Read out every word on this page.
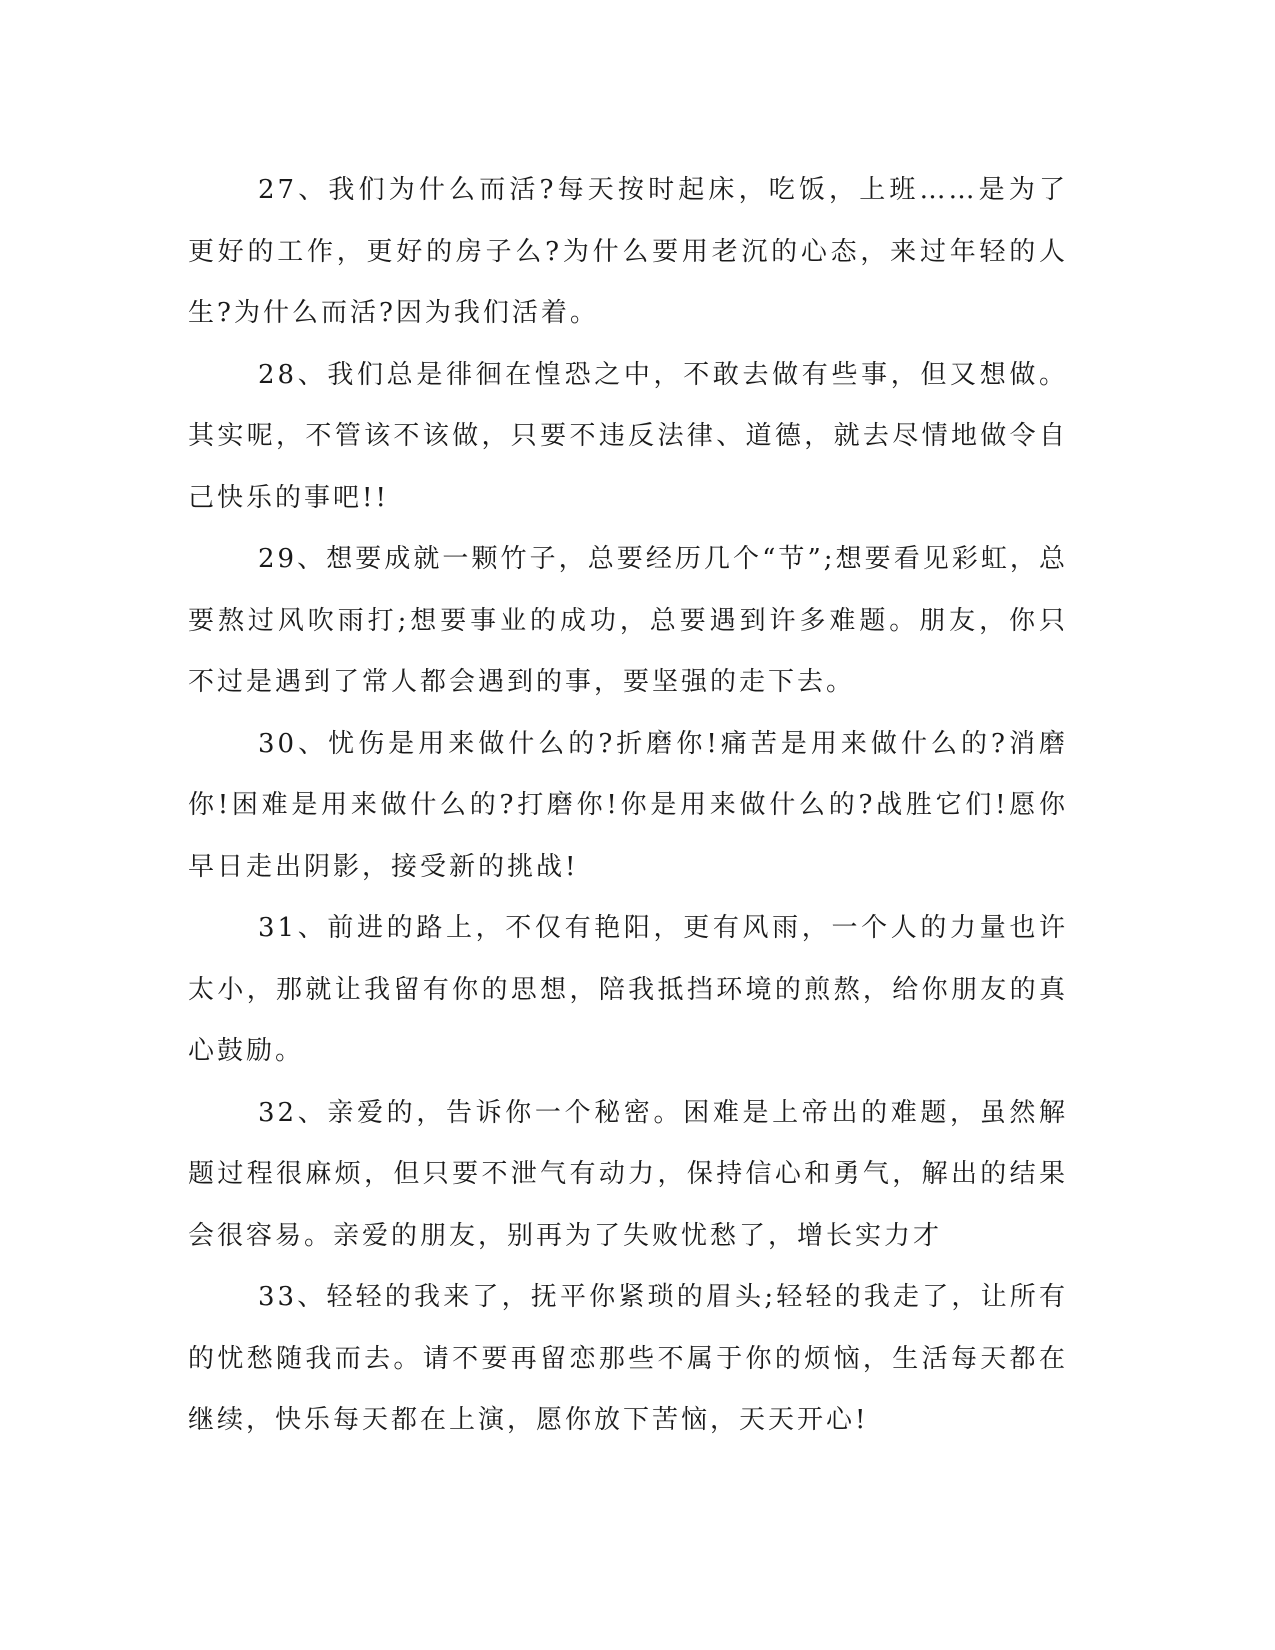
27、我们为什么而活?每天按时起床，吃饭，上班……是为了更好的工作，更好的房子么?为什么要用老沉的心态，来过年轻的人生?为什么而活?因为我们活着。

28、我们总是徘徊在惶恐之中，不敢去做有些事，但又想做。其实呢，不管该不该做，只要不违反法律、道德，就去尽情地做令自己快乐的事吧!!

29、想要成就一颗竹子，总要经历几个“节”;想要看见彩虹，总要熬过风吹雨打;想要事业的成功，总要遇到许多难题。朋友，你只不过是遇到了常人都会遇到的事，要坚强的走下去。

30、忧伤是用来做什么的?折磨你!痛苦是用来做什么的?消磨你!困难是用来做什么的?打磨你!你是用来做什么的?战胜它们!愿你早日走出阴影，接受新的挑战!

31、前进的路上，不仅有艳阳，更有风雨，一个人的力量也许太小，那就让我留有你的思想，陪我抵挡环境的煎熬，给你朋友的真心鼓励。

32、亲爱的，告诉你一个秘密。困难是上帝出的难题，虽然解题过程很麻烦，但只要不泄气有动力，保持信心和勇气，解出的结果会很容易。亲爱的朋友，别再为了失败忧愁了，增长实力才

33、轻轻的我来了，抚平你紧琐的眉头;轻轻的我走了，让所有的忧愁随我而去。请不要再留恋那些不属于你的烦恼，生活每天都在继续，快乐每天都在上演，愿你放下苦恼，天天开心!
